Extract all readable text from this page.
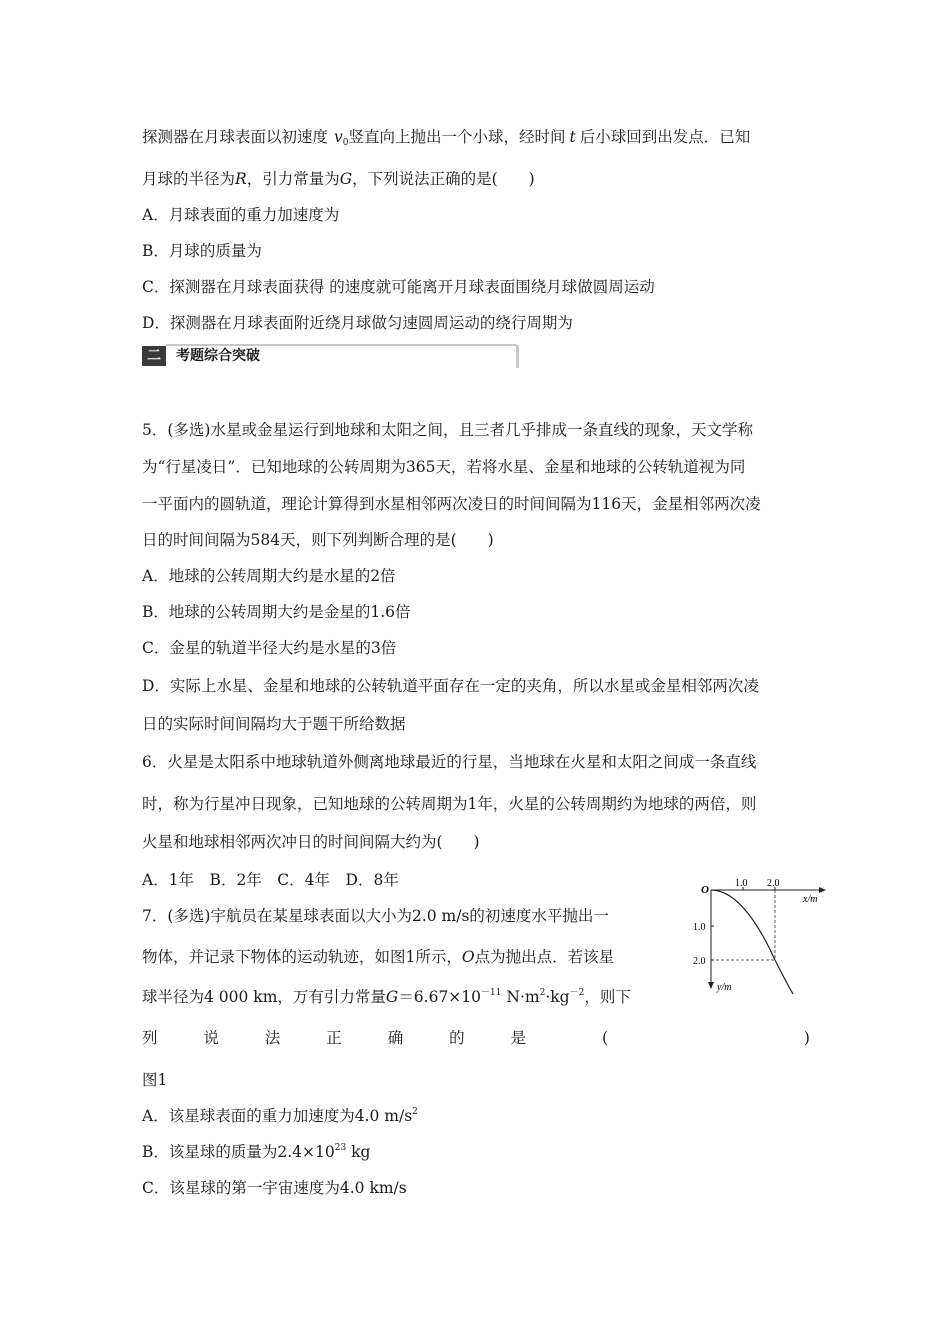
探测器在月球表面以初速度 $v_0$竖直向上抛出一个小球，经时间 t 后小球回到出发点．已知
月球的半径为R，引力常量为G，下列说法正确的是(　　)
A．月球表面的重力加速度为
B．月球的质量为
C．探测器在月球表面获得 的速度就可能离开月球表面围绕月球做圆周运动
D．探测器在月球表面附近绕月球做匀速圆周运动的绕行周期为
二	考题综合突破
5．(多选)水星或金星运行到地球和太阳之间，且三者几乎排成一条直线的现象，天文学称
为“行星凌日”．已知地球的公转周期为365天，若将水星、金星和地球的公转轨道视为同
一平面内的圆轨道，理论计算得到水星相邻两次凌日的时间间隔为116天，金星相邻两次凌
日的时间间隔为584天，则下列判断合理的是(　　)
A．地球的公转周期大约是水星的2倍
B．地球的公转周期大约是金星的1.6倍
C．金星的轨道半径大约是水星的3倍
D．实际上水星、金星和地球的公转轨道平面存在一定的夹角，所以水星或金星相邻两次凌
日的实际时间间隔均大于题干所给数据
6．火星是太阳系中地球轨道外侧离地球最近的行星，当地球在火星和太阳之间成一条直线
时，称为行星冲日现象，已知地球的公转周期为1年，火星的公转周期约为地球的两倍，则
火星和地球相邻两次冲日的时间间隔大约为(　　)
A．1年　B．2年　C．4年　D．8年
7．(多选)宇航员在某星球表面以大小为2.0 m/s的初速度水平抛出一
物体，并记录下物体的运动轨迹，如图1所示，O点为抛出点．若该星
球半径为4 000 km，万有引力常量$G=6.67\times 10^{-11}$ $N\cdot m^2\cdot kg^{-2}$，则下
列	说	法	正	确	的	是	(	)
图1
A．该星球表面的重力加速度为4.0 $m/s^2$
B．该星球的质量为$2.4\times 10^{23}$ kg
C．该星球的第一宇宙速度为4.0 km/s
O
1.0 2.0
x/m
1.0
2.0
y/m
